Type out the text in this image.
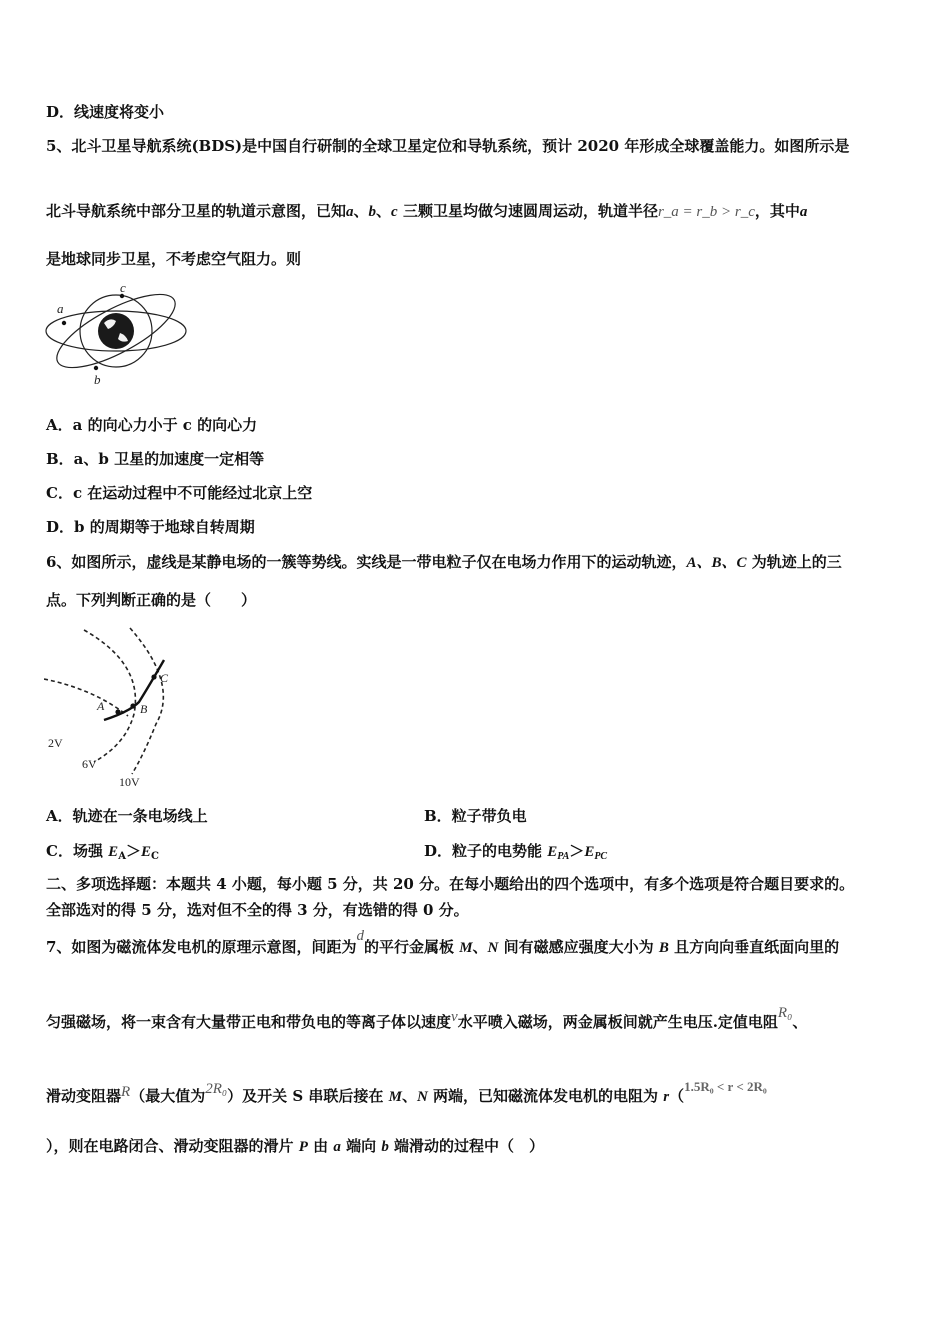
D．线速度将变小
5、北斗卫星导航系统(BDS)是中国自行研制的全球卫星定位和导轨系统，预计 2020 年形成全球覆盖能力。如图所示是
北斗导航系统中部分卫星的轨道示意图，已知a、b、c 三颗卫星均做匀速圆周运动，轨道半径r_a = r_b > r_c，其中a
是地球同步卫星，不考虑空气阻力。则
a
c
b
A．a 的向心力小于 c 的向心力
B．a、b 卫星的加速度一定相等
C．c 在运动过程中不可能经过北京上空
D．b 的周期等于地球自转周期
6、如图所示，虚线是某静电场的一簇等势线。实线是一带电粒子仅在电场力作用下的运动轨迹，A、B、C 为轨迹上的三
点。下列判断正确的是（　　）
A	B
C
2V
6V
10V
A．轨迹在一条电场线上	B．粒子带负电
C．场强 $E_A>E_C$	D．粒子的电势能 $E_{PA}>E_{PC}$
二、多项选择题：本题共 4 小题，每小题 5 分，共 20 分。在每小题给出的四个选项中，有多个选项是符合题目要求的。
全部选对的得 5 分，选对但不全的得 3 分，有选错的得 0 分。
7、如图为磁流体发电机的原理示意图，间距为d的平行金属板 M、N 间有磁感应强度大小为 B 且方向向垂直纸面向里的
匀强磁场，将一束含有大量带正电和带负电的等离子体以速度v水平喷入磁场，两金属板间就产生电压.定值电阻R₀、
滑动变阻器R（最大值为2R₀）及开关 S 串联后接在 M、N 两端，已知磁流体发电机的电阻为 r（1.5R₀ < r < 2R₀
），则在电路闭合、滑动变阻器的滑片 P 由 a 端向 b 端滑动的过程中（　）
